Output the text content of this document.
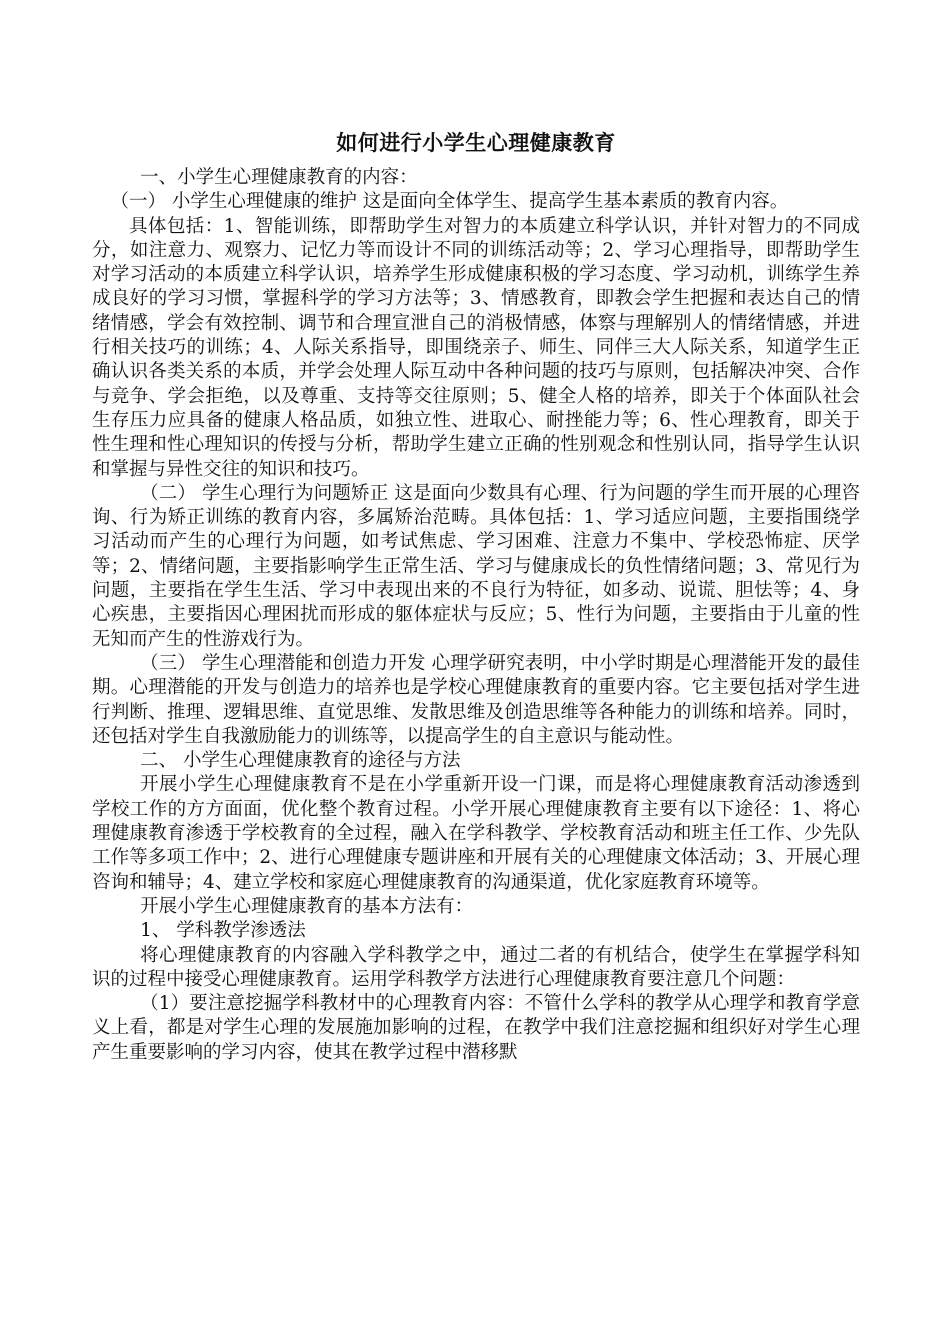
如何进行小学生心理健康教育

一、小学生心理健康教育的内容：

（一） 小学生心理健康的维护 这是面向全体学生、提高学生基本素质的教育内容。

具体包括：1、智能训练，即帮助学生对智力的本质建立科学认识，并针对智力的不同成分，如注意力、观察力、记忆力等而设计不同的训练活动等；2、学习心理指导，即帮助学生对学习活动的本质建立科学认识，培养学生形成健康积极的学习态度、学习动机，训练学生养成良好的学习习惯，掌握科学的学习方法等；3、情感教育，即教会学生把握和表达自己的情绪情感，学会有效控制、调节和合理宣泄自己的消极情感，体察与理解别人的情绪情感，并进行相关技巧的训练；4、人际关系指导，即围绕亲子、师生、同伴三大人际关系，知道学生正确认识各类关系的本质，并学会处理人际互动中各种问题的技巧与原则，包括解决冲突、合作与竞争、学会拒绝，以及尊重、支持等交往原则；5、健全人格的培养，即关于个体面队社会生存压力应具备的健康人格品质，如独立性、进取心、耐挫能力等；6、性心理教育，即关于性生理和性心理知识的传授与分析，帮助学生建立正确的性别观念和性别认同，指导学生认识和掌握与异性交往的知识和技巧。

（二） 学生心理行为问题矫正 这是面向少数具有心理、行为问题的学生而开展的心理咨询、行为矫正训练的教育内容，多属矫治范畴。具体包括：1、学习适应问题，主要指围绕学习活动而产生的心理行为问题，如考试焦虑、学习困难、注意力不集中、学校恐怖症、厌学等；2、情绪问题，主要指影响学生正常生活、学习与健康成长的负性情绪问题；3、常见行为问题，主要指在学生生活、学习中表现出来的不良行为特征，如多动、说谎、胆怯等；4、身心疾患，主要指因心理困扰而形成的躯体症状与反应；5、性行为问题，主要指由于儿童的性无知而产生的性游戏行为。

（三） 学生心理潜能和创造力开发 心理学研究表明，中小学时期是心理潜能开发的最佳期。心理潜能的开发与创造力的培养也是学校心理健康教育的重要内容。它主要包括对学生进行判断、推理、逻辑思维、直觉思维、发散思维及创造思维等各种能力的训练和培养。同时，还包括对学生自我激励能力的训练等，以提高学生的自主意识与能动性。

二、 小学生心理健康教育的途径与方法

开展小学生心理健康教育不是在小学重新开设一门课，而是将心理健康教育活动渗透到学校工作的方方面面，优化整个教育过程。小学开展心理健康教育主要有以下途径：1、将心理健康教育渗透于学校教育的全过程，融入在学科教学、学校教育活动和班主任工作、少先队工作等多项工作中；2、进行心理健康专题讲座和开展有关的心理健康文体活动；3、开展心理咨询和辅导；4、建立学校和家庭心理健康教育的沟通渠道，优化家庭教育环境等。

开展小学生心理健康教育的基本方法有：

1、 学科教学渗透法

将心理健康教育的内容融入学科教学之中，通过二者的有机结合，使学生在掌握学科知识的过程中接受心理健康教育。运用学科教学方法进行心理健康教育要注意几个问题：

（1）要注意挖掘学科教材中的心理教育内容：不管什么学科的教学从心理学和教育学意义上看，都是对学生心理的发展施加影响的过程，在教学中我们注意挖掘和组织好对学生心理产生重要影响的学习内容，使其在教学过程中潜移默
